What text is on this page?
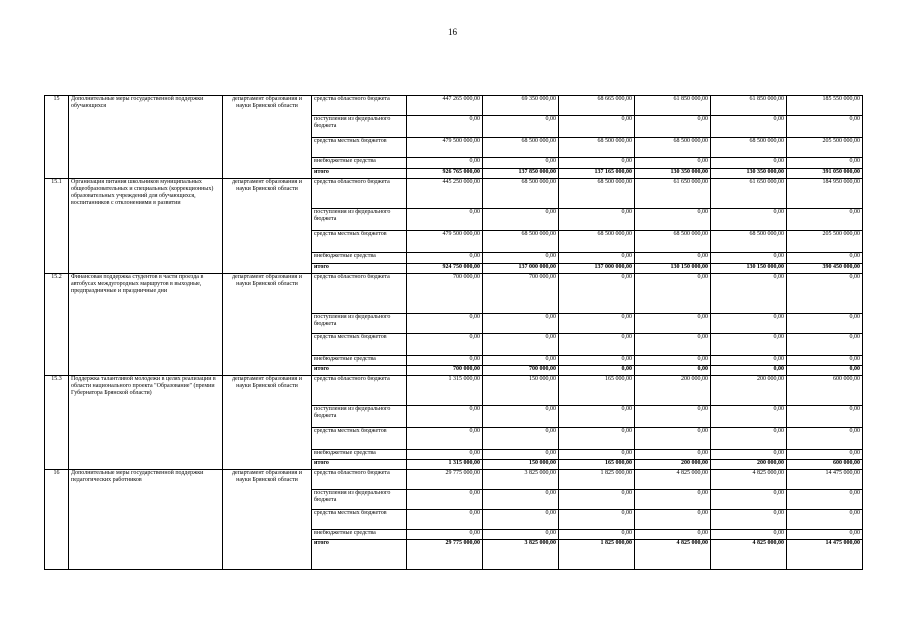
16
15	Дополнительные меры государственной поддержки обучающихся	департамент образования и науки Брянской области	средства областного бюджета	447 265 000,00	69 350 000,00	68 665 000,00	61 850 000,00	61 850 000,00	185 550 000,00
			поступления из федерального бюджета	0,00	0,00	0,00	0,00	0,00	0,00
			средства местных бюджетов	479 500 000,00	68 500 000,00	68 500 000,00	68 500 000,00	68 500 000,00	205 500 000,00
			внебюджетные средства	0,00	0,00	0,00	0,00	0,00	0,00
			итого	926 765 000,00	137 850 000,00	137 165 000,00	130 350 000,00	130 350 000,00	391 050 000,00
15.1	Организация питания школьников муниципальных общеобразовательных и специальных (коррекционных) образовательных учреждений для обучающихся, воспитанников с отклонениями в развитии	департамент образования и науки Брянской области	средства областного бюджета	445 250 000,00	68 500 000,00	68 500 000,00	61 650 000,00	61 650 000,00	184 950 000,00
			поступления из федерального бюджета	0,00	0,00	0,00	0,00	0,00	0,00
			средства местных бюджетов	479 500 000,00	68 500 000,00	68 500 000,00	68 500 000,00	68 500 000,00	205 500 000,00
			внебюджетные средства	0,00	0,00	0,00	0,00	0,00	0,00
			итого	924 750 000,00	137 000 000,00	137 000 000,00	130 150 000,00	130 150 000,00	390 450 000,00
15.2	Финансовая поддержка студентов в части проезда в автобусах междугородных маршрутов в выходные, предпраздничные и праздничные дни	департамент образования и науки Брянской области	средства областного бюджета	700 000,00	700 000,00	0,00	0,00	0,00	0,00
			поступления из федерального бюджета	0,00	0,00	0,00	0,00	0,00	0,00
			средства местных бюджетов	0,00	0,00	0,00	0,00	0,00	0,00
			внебюджетные средства	0,00	0,00	0,00	0,00	0,00	0,00
			итого	700 000,00	700 000,00	0,00	0,00	0,00	0,00
15.3	Поддержка талантливой молодежи в целях реализации в области национального проекта "Образование" (премии Губернатора Брянской области)	департамент образования и науки Брянской области	средства областного бюджета	1 315 000,00	150 000,00	165 000,00	200 000,00	200 000,00	600 000,00
			поступления из федерального бюджета	0,00	0,00	0,00	0,00	0,00	0,00
			средства местных бюджетов	0,00	0,00	0,00	0,00	0,00	0,00
			внебюджетные средства	0,00	0,00	0,00	0,00	0,00	0,00
			итого	1 315 000,00	150 000,00	165 000,00	200 000,00	200 000,00	600 000,00
16	Дополнительные меры государственной поддержки педагогических работников	департамент образования и науки Брянской области	средства областного бюджета	29 775 000,00	3 825 000,00	1 825 000,00	4 825 000,00	4 825 000,00	14 475 000,00
			поступления из федерального бюджета	0,00	0,00	0,00	0,00	0,00	0,00
			средства местных бюджетов	0,00	0,00	0,00	0,00	0,00	0,00
			внебюджетные средства	0,00	0,00	0,00	0,00	0,00	0,00
			итого	29 775 000,00	3 825 000,00	1 825 000,00	4 825 000,00	4 825 000,00	14 475 000,00
